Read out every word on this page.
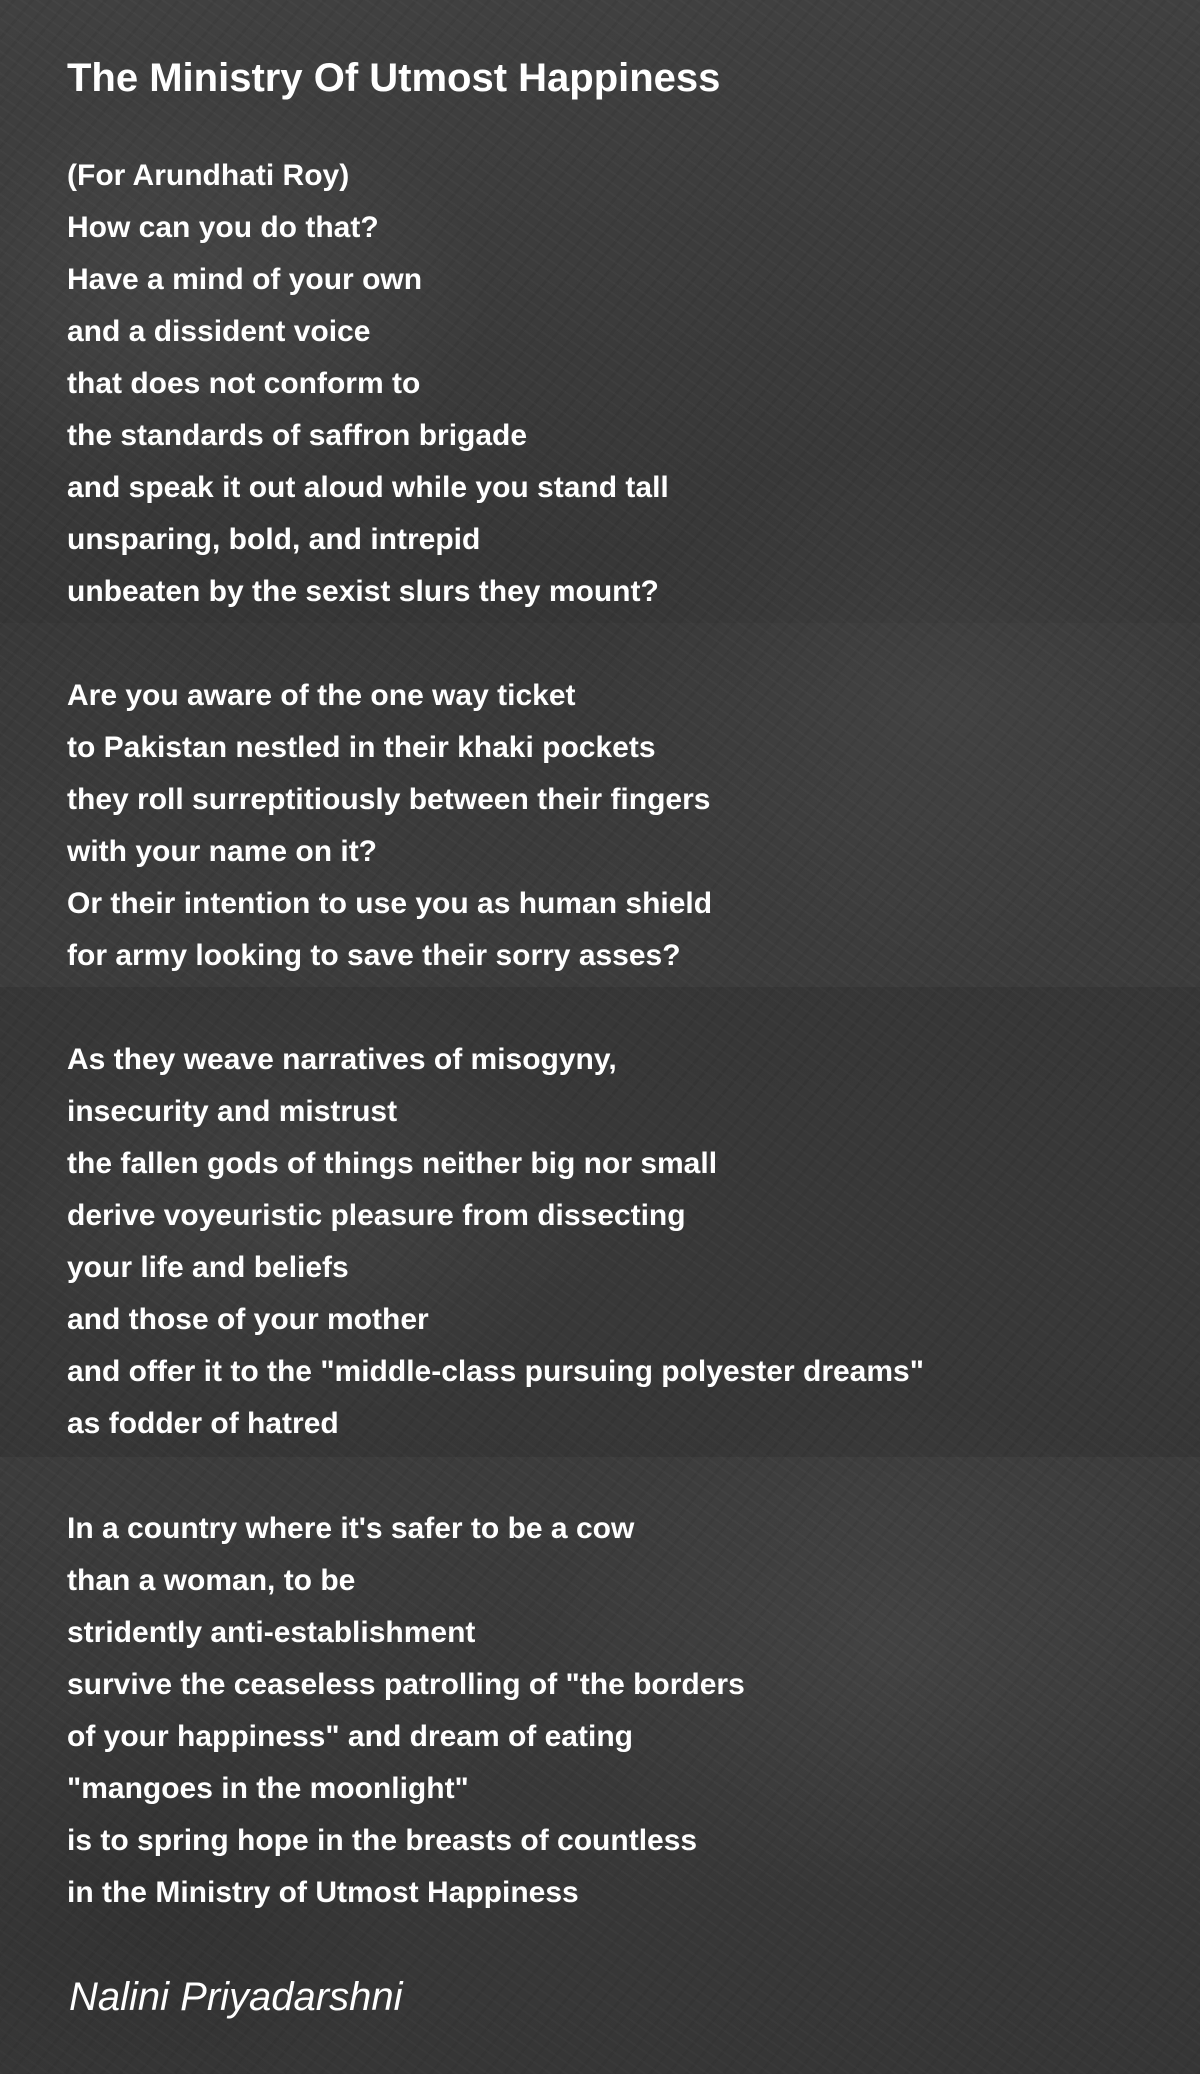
The Ministry Of Utmost Happiness
(For Arundhati Roy)
How can you do that?
Have a mind of your own
and a dissident voice
that does not conform to
the standards of saffron brigade
and speak it out aloud while you stand tall
unsparing, bold, and intrepid
unbeaten by the sexist slurs they mount?
Are you aware of the one way ticket
to Pakistan nestled in their khaki pockets
they roll surreptitiously between their fingers
with your name on it?
Or their intention to use you as human shield
for army looking to save their sorry asses?
As they weave narratives of misogyny,
insecurity and mistrust
the fallen gods of things neither big nor small
derive voyeuristic pleasure from dissecting
your life and beliefs
and those of your mother
and offer it to the "middle-class pursuing polyester dreams"
as fodder of hatred
In a country where it's safer to be a cow
than a woman, to be
stridently anti-establishment
survive the ceaseless patrolling of "the borders
of your happiness" and dream of eating
"mangoes in the moonlight"
is to spring hope in the breasts of countless
in the Ministry of Utmost Happiness

Nalini Priyadarshni
